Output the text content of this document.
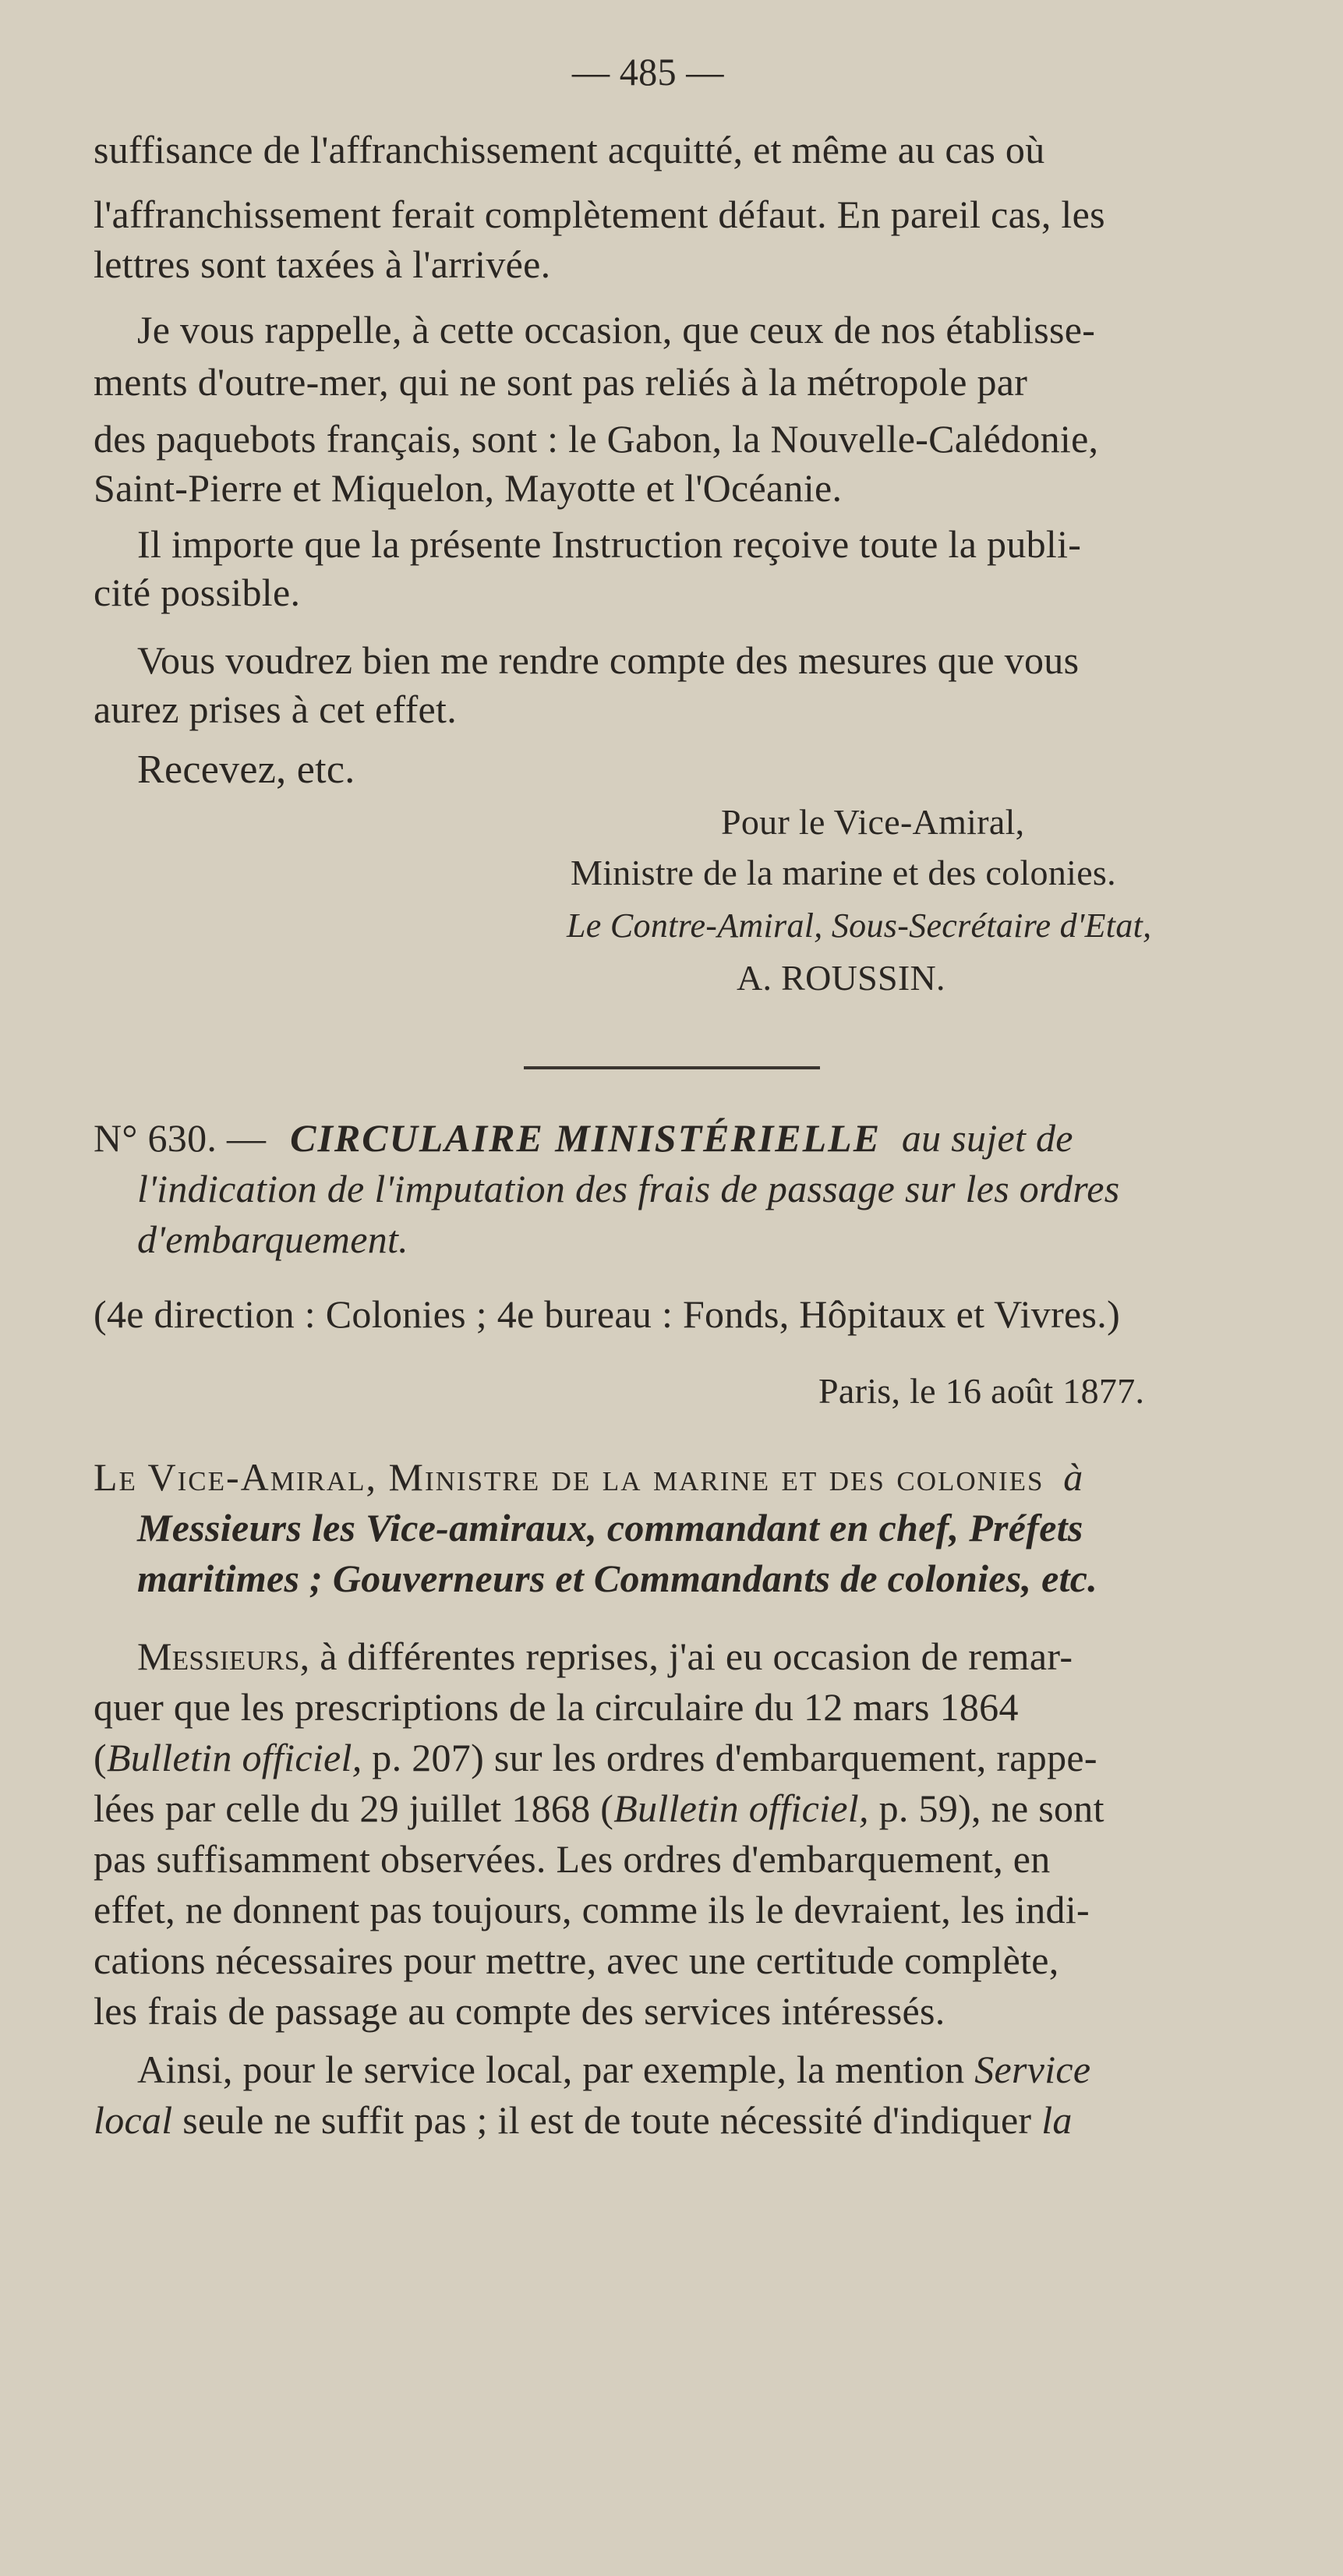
— 485 —
suffisance de l'affranchissement acquitté, et même au cas où
l'affranchissement ferait complètement défaut. En pareil cas, les
lettres sont taxées à l'arrivée.
Je vous rappelle, à cette occasion, que ceux de nos établisse-
ments d'outre-mer, qui ne sont pas reliés à la métropole par
des paquebots français, sont : le Gabon, la Nouvelle-Calédonie,
Saint-Pierre et Miquelon, Mayotte et l'Océanie.
Il importe que la présente Instruction reçoive toute la publi-
cité possible.
Vous voudrez bien me rendre compte des mesures que vous
aurez prises à cet effet.
Recevez, etc.
Pour le Vice-Amiral,
Ministre de la marine et des colonies.
Le Contre-Amiral, Sous-Secrétaire d'Etat,
A. ROUSSIN.
N° 630. — CIRCULAIRE MINISTÉRIELLE au sujet de
l'indication de l'imputation des frais de passage sur les ordres
d'embarquement.
(4e direction : Colonies ; 4e bureau : Fonds, Hôpitaux et Vivres.)
Paris, le 16 août 1877.
Le Vice-Amiral, Ministre de la marine et des colonies à
Messieurs les Vice-amiraux, commandant en chef, Préfets
maritimes ; Gouverneurs et Commandants de colonies, etc.
Messieurs, à différentes reprises, j'ai eu occasion de remar-
quer que les prescriptions de la circulaire du 12 mars 1864
(Bulletin officiel, p. 207) sur les ordres d'embarquement, rappe-
lées par celle du 29 juillet 1868 (Bulletin officiel, p. 59), ne sont
pas suffisamment observées. Les ordres d'embarquement, en
effet, ne donnent pas toujours, comme ils le devraient, les indi-
cations nécessaires pour mettre, avec une certitude complète,
les frais de passage au compte des services intéressés.
Ainsi, pour le service local, par exemple, la mention Service
local seule ne suffit pas ; il est de toute nécessité d'indiquer la
